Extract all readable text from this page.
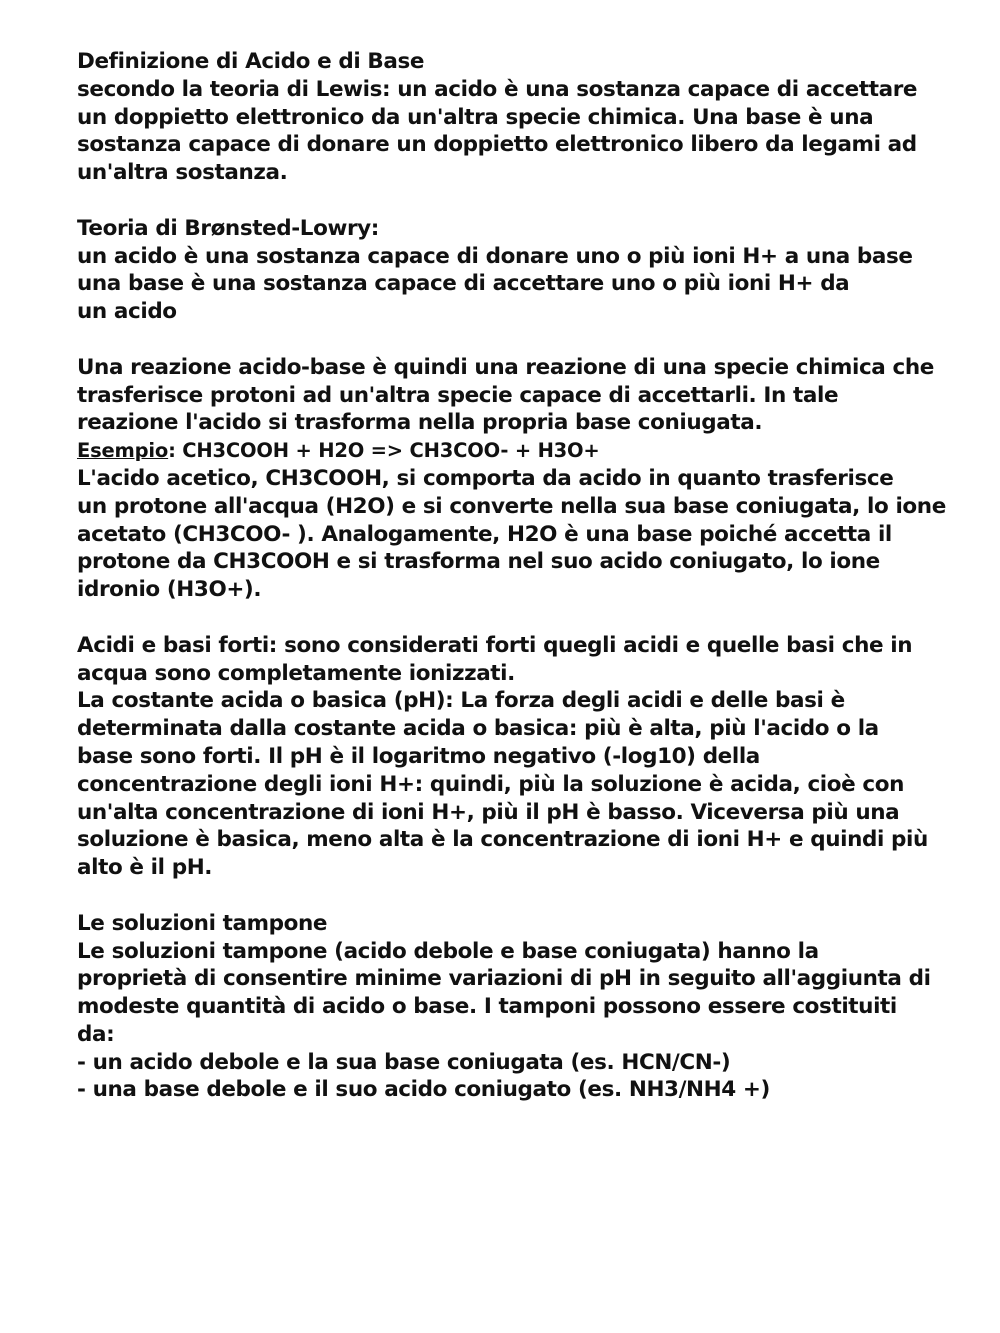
Definizione di Acido e di Base
secondo la teoria di Lewis: un acido è una sostanza capace di accettare
un doppietto elettronico da un'altra specie chimica. Una base è una
sostanza capace di donare un doppietto elettronico libero da legami ad
un'altra sostanza.
Teoria di Brønsted-Lowry:
un acido è una sostanza capace di donare uno o più ioni H+ a una base
una base è una sostanza capace di accettare uno o più ioni H+ da
un acido
Una reazione acido-base è quindi una reazione di una specie chimica che
trasferisce protoni ad un'altra specie capace di accettarli. In tale
reazione l'acido si trasforma nella propria base coniugata.
Esempio: CH3COOH + H2O => CH3COO- + H3O+
L'acido acetico, CH3COOH, si comporta da acido in quanto trasferisce
un protone all'acqua (H2O) e si converte nella sua base coniugata, lo ione
acetato (CH3COO- ). Analogamente, H2O è una base poiché accetta il
protone da CH3COOH e si trasforma nel suo acido coniugato, lo ione
idronio (H3O+).
Acidi e basi forti: sono considerati forti quegli acidi e quelle basi che in
acqua sono completamente ionizzati.
La costante acida o basica (pH): La forza degli acidi e delle basi è
determinata dalla costante acida o basica: più è alta, più l'acido o la
base sono forti. Il pH è il logaritmo negativo (-log10) della
concentrazione degli ioni H+: quindi, più la soluzione è acida, cioè con
un'alta concentrazione di ioni H+, più il pH è basso. Viceversa più una
soluzione è basica, meno alta è la concentrazione di ioni H+ e quindi più
alto è il pH.
Le soluzioni tampone
Le soluzioni tampone (acido debole e base coniugata) hanno la
proprietà di consentire minime variazioni di pH in seguito all'aggiunta di
modeste quantità di acido o base. I tamponi possono essere costituiti
da:
- un acido debole e la sua base coniugata (es. HCN/CN-)
- una base debole e il suo acido coniugato (es. NH3/NH4 +)
